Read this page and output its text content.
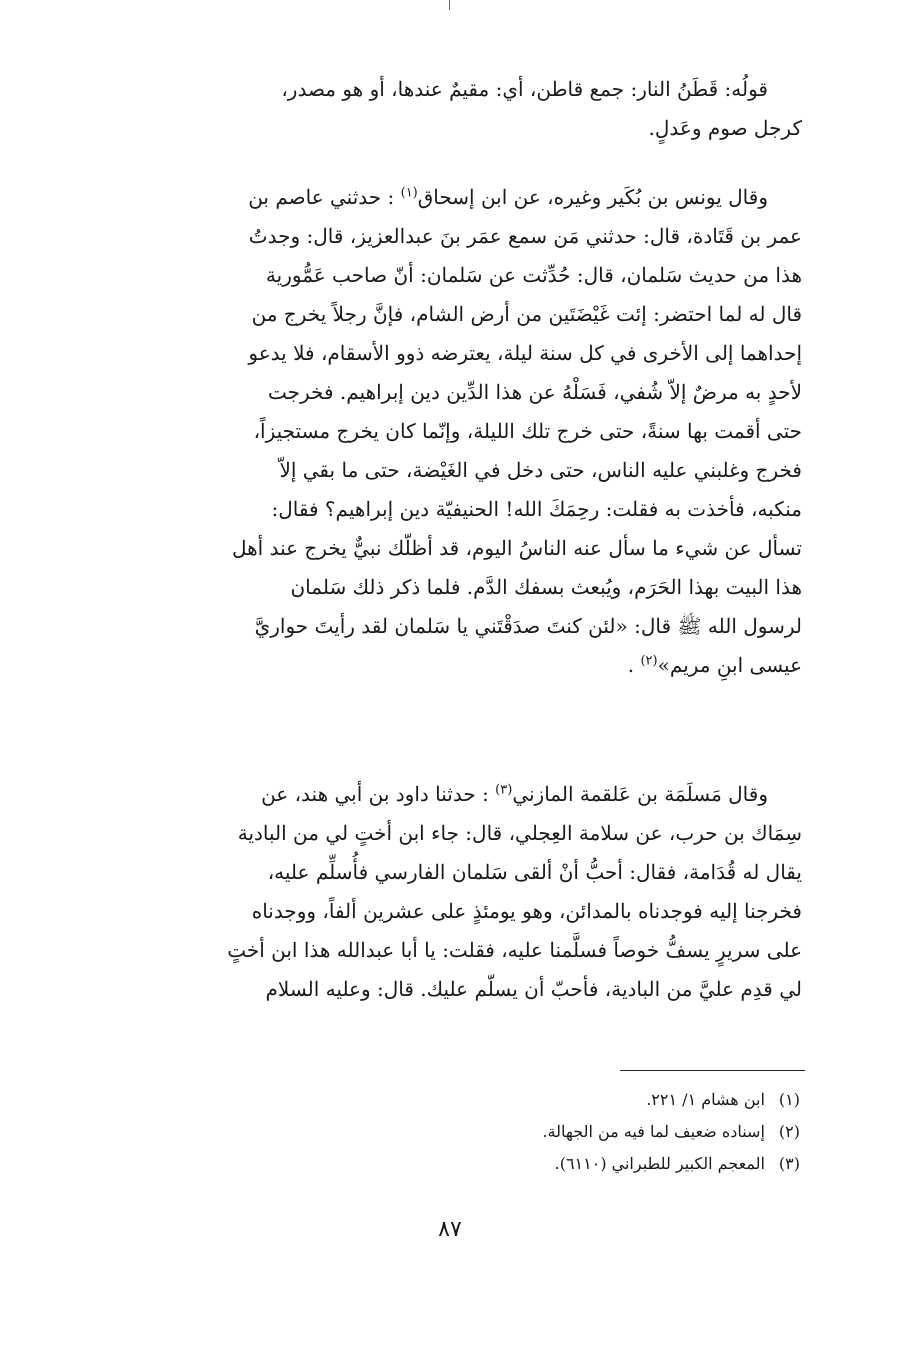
قولُه: قَطَنُ النار: جمع قاطن، أي: مقيمٌ عندها، أو هو مصدر،
كرجل صوم وعَدلٍ.

وقال يونس بن بُكَير وغيره، عن ابن إسحاق$^{(١)}$ : حدثني عاصم بن
عمر بن قَتَادة، قال: حدثني مَن سمع عمَر بنَ عبدالعزيز، قال: وجدتُ
هذا من حديث سَلمان، قال: حُدِّثت عن سَلمان: أنّ صاحب عَمُّورية
قال له لما احتضر: إئت غَيْضَتَين من أرض الشام، فإنَّ رجلاً يخرج من
إحداهما إلى الأخرى في كل سنة ليلة، يعترضه ذوو الأسقام، فلا يدعو
لأحدٍ به مرضٌ إلاّ شُفي، فَسَلْهُ عن هذا الدِّين دين إبراهيم. فخرجت
حتى أقمت بها سنةً، حتى خرج تلك الليلة، وإنّما كان يخرج مستجيزاً،
فخرج وغلبني عليه الناس، حتى دخل في الغَيْضة، حتى ما بقي إلاّ
منكبه، فأخذت به فقلت: رحِمَكَ الله! الحنيفيّة دين إبراهيم؟ فقال:
تسأل عن شيء ما سأل عنه الناسُ اليوم، قد أظلّك نبيٌّ يخرج عند أهل
هذا البيت بهذا الحَرَم، ويُبعث بسفك الدَّم. فلما ذكر ذلك سَلمان
لرسول الله ﷺ قال: «لئن كنتَ صدَقْتَني يا سَلمان لقد رأيتَ حواريَّ
عيسى ابنِ مريم»$^{(٢)}$ .

وقال مَسلَمَة بن عَلقمة المازني$^{(٣)}$ : حدثنا داود بن أبي هند، عن
سِمَاك بن حرب، عن سلامة العِجلي، قال: جاء ابن أختٍ لي من البادية
يقال له قُدَامة، فقال: أحبُّ أنْ ألقى سَلمان الفارسي فأُسلِّم عليه،
فخرجنا إليه فوجدناه بالمدائن، وهو يومئذٍ على عشرين ألفاً، ووجدناه
على سريرٍ يسفُّ خوصاً فسلَّمنا عليه، فقلت: يا أبا عبدالله هذا ابن أختٍ
لي قدِم عليَّ من البادية، فأحبّ أن يسلّم عليك. قال: وعليه السلام

(١)ابن هشام ١/ ٢٢١.
(٢)إسناده ضعيف لما فيه من الجهالة.
(٣)المعجم الكبير للطبراني (٦١١٠).
٨٧
